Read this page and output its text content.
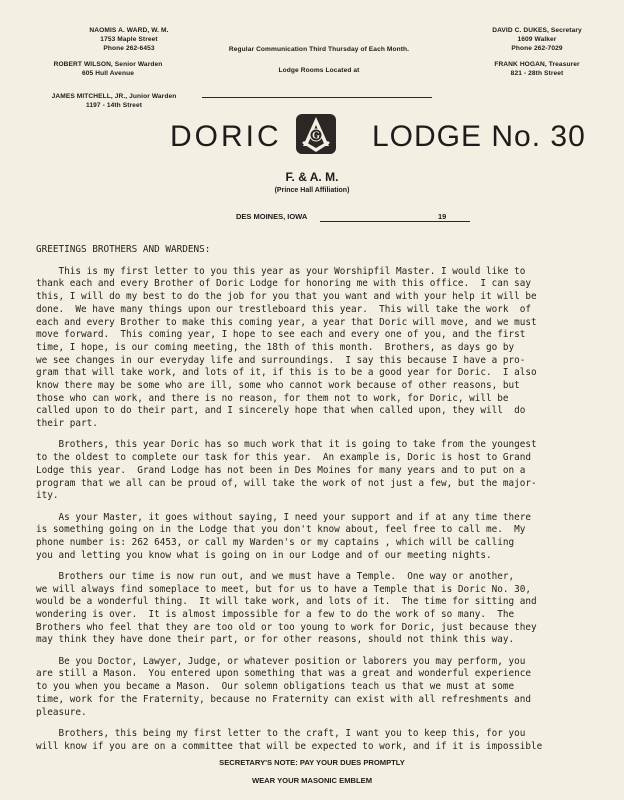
NAOMIS A. WARD, W. M.
1753 Maple Street
Phone 262-6453
ROBERT WILSON, Senior Warden
605 Hull Avenue
JAMES MITCHELL, JR., Junior Warden
1197 - 14th Street
DAVID C. DUKES, Secretary
1609 Walker
Phone 262-7029
FRANK HOGAN, Treasurer
821 - 28th Street
Regular Communication Third Thursday of Each Month.
Lodge Rooms Located at
DORIC	G LODGE No. 30
F. & A. M.
(Prince Hall Affiliation)
DES MOINES, IOWA	19
GREETINGS BROTHERS AND WARDENS:

This is my first letter to you this year as your Worshipfil Master. I would like to
thank each and every Brother of Doric Lodge for honoring me with this office.  I can say
this, I will do my best to do the job for you that you want and with your help it will be
done.  We have many things upon our trestleboard this year.  This will take the work  of
each and every Brother to make this coming year, a year that Doric will move, and we must
move forward.  This coming year, I hope to see each and every one of you, and the first
time, I hope, is our coming meeting, the 18th of this month.  Brothers, as days go by
we see changes in our everyday life and surroundings.  I say this because I have a pro-
gram that will take work, and lots of it, if this is to be a good year for Doric.  I also
know there may be some who are ill, some who cannot work because of other reasons, but
those who can work, and there is no reason, for them not to work, for Doric, will be
called upon to do their part, and I sincerely hope that when called upon, they will  do
their part.

Brothers, this year Doric has so much work that it is going to take from the youngest
to the oldest to complete our task for this year.  An example is, Doric is host to Grand
Lodge this year.  Grand Lodge has not been in Des Moines for many years and to put on a
program that we all can be proud of, will take the work of not just a few, but the major-
ity.

As your Master, it goes without saying, I need your support and if at any time there
is something going on in the Lodge that you don't know about, feel free to call me.  My
phone number is: 262 6453, or call my Warden's or my captains , which will be calling
you and letting you know what is going on in our Lodge and of our meeting nights.

Brothers our time is now run out, and we must have a Temple.  One way or another,
we will always find someplace to meet, but for us to have a Temple that is Doric No. 30,
would be a wonderful thing.  It will take work, and lots of it.  The time for sitting and
wondering is over.  It is almost impossible for a few to do the work of so many.  The
Brothers who feel that they are too old or too young to work for Doric, just because they
may think they have done their part, or for other reasons, should not think this way.

Be you Doctor, Lawyer, Judge, or whatever position or laborers you may perform, you
are still a Mason.  You entered upon something that was a great and wonderful experience
to you when you became a Mason.  Our solemn obligations teach us that we must at some
time, work for the Fraternity, because no Fraternity can exist with all refreshments and
pleasure.

Brothers, this being my first letter to the craft, I want you to keep this, for you
will know if you are on a committee that will be expected to work, and if it is impossible

SECRETARY'S NOTE: PAY YOUR DUES PROMPTLY
WEAR YOUR MASONIC EMBLEM
